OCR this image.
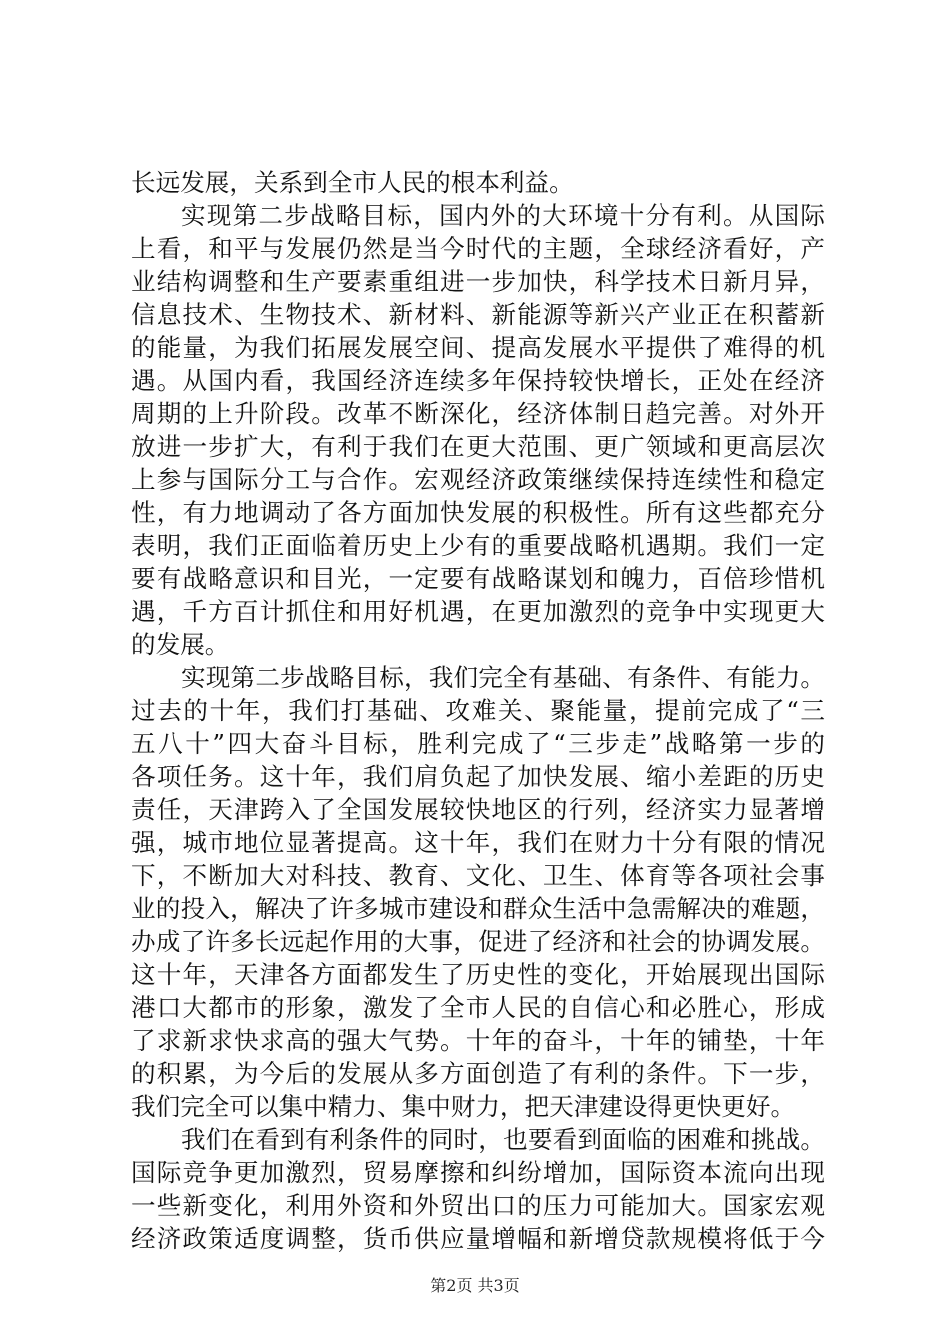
长远发展，关系到全市人民的根本利益。
实现第二步战略目标，国内外的大环境十分有利。从国际
上看，和平与发展仍然是当今时代的主题，全球经济看好，产
业结构调整和生产要素重组进一步加快，科学技术日新月异，
信息技术、生物技术、新材料、新能源等新兴产业正在积蓄新
的能量，为我们拓展发展空间、提高发展水平提供了难得的机
遇。从国内看，我国经济连续多年保持较快增长，正处在经济
周期的上升阶段。改革不断深化，经济体制日趋完善。对外开
放进一步扩大，有利于我们在更大范围、更广领域和更高层次
上参与国际分工与合作。宏观经济政策继续保持连续性和稳定
性，有力地调动了各方面加快发展的积极性。所有这些都充分
表明，我们正面临着历史上少有的重要战略机遇期。我们一定
要有战略意识和目光，一定要有战略谋划和魄力，百倍珍惜机
遇，千方百计抓住和用好机遇，在更加激烈的竞争中实现更大
的发展。
实现第二步战略目标，我们完全有基础、有条件、有能力。
过去的十年，我们打基础、攻难关、聚能量，提前完成了“三
五八十”四大奋斗目标，胜利完成了“三步走”战略第一步的
各项任务。这十年，我们肩负起了加快发展、缩小差距的历史
责任，天津跨入了全国发展较快地区的行列，经济实力显著增
强，城市地位显著提高。这十年，我们在财力十分有限的情况
下，不断加大对科技、教育、文化、卫生、体育等各项社会事
业的投入，解决了许多城市建设和群众生活中急需解决的难题，
办成了许多长远起作用的大事，促进了经济和社会的协调发展。
这十年，天津各方面都发生了历史性的变化，开始展现出国际
港口大都市的形象，激发了全市人民的自信心和必胜心，形成
了求新求快求高的强大气势。十年的奋斗，十年的铺垫，十年
的积累，为今后的发展从多方面创造了有利的条件。下一步，
我们完全可以集中精力、集中财力，把天津建设得更快更好。
我们在看到有利条件的同时，也要看到面临的困难和挑战。
国际竞争更加激烈，贸易摩擦和纠纷增加，国际资本流向出现
一些新变化，利用外资和外贸出口的压力可能加大。国家宏观
经济政策适度调整，货币供应量增幅和新增贷款规模将低于今
第2页 共3页
